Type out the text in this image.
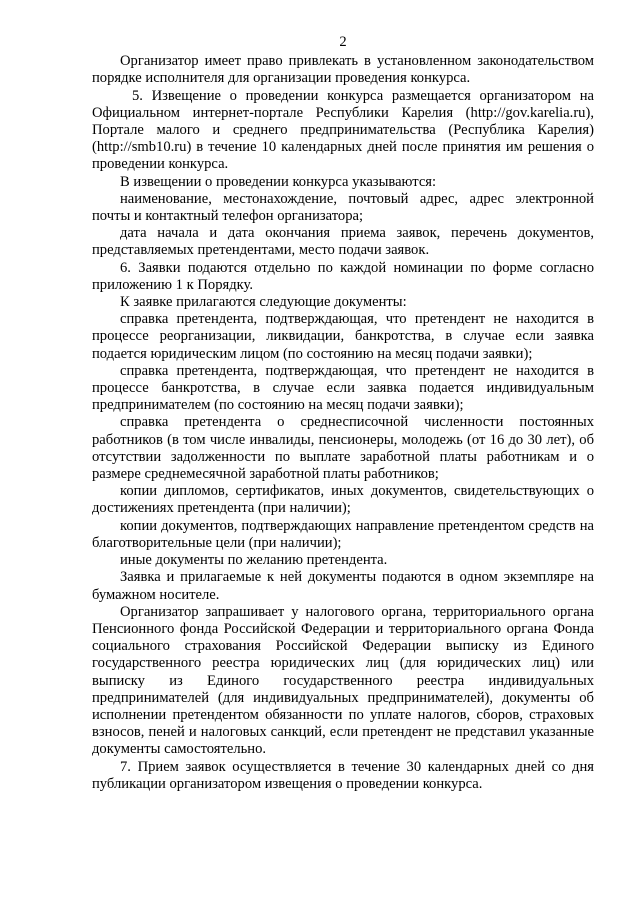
2

Организатор имеет право привлекать в установленном законодательством порядке исполнителя для организации проведения конкурса.

5. Извещение о проведении конкурса размещается организатором на Официальном интернет-портале Республики Карелия (http://gov.karelia.ru), Портале малого и среднего предпринимательства (Республика Карелия) (http://smb10.ru) в течение 10 календарных дней после принятия им решения о проведении конкурса.

В извещении о проведении конкурса указываются:

наименование, местонахождение, почтовый адрес, адрес электронной почты и контактный телефон организатора;

дата начала и дата окончания приема заявок, перечень документов, представляемых претендентами, место подачи заявок.

6. Заявки подаются отдельно по каждой номинации по форме согласно приложению 1 к Порядку.

К заявке прилагаются следующие документы:

справка претендента, подтверждающая, что претендент не находится в процессе реорганизации, ликвидации, банкротства, в случае если заявка подается юридическим лицом (по состоянию на месяц подачи заявки);

справка претендента, подтверждающая, что претендент не находится в процессе банкротства, в случае если заявка подается индивидуальным предпринимателем (по состоянию на месяц подачи заявки);

справка претендента о среднесписочной численности постоянных работников (в том числе инвалиды, пенсионеры, молодежь (от 16 до 30 лет), об отсутствии задолженности по выплате заработной платы работникам и о размере среднемесячной заработной платы работников;

копии дипломов, сертификатов, иных документов, свидетельствующих о достижениях претендента (при наличии);

копии документов, подтверждающих направление претендентом средств на благотворительные цели (при наличии);

иные документы по желанию претендента.

Заявка и прилагаемые к ней документы подаются в одном экземпляре на бумажном носителе.

Организатор запрашивает у налогового органа, территориального органа Пенсионного фонда Российской Федерации и территориального органа Фонда социального страхования Российской Федерации выписку из Единого государственного реестра юридических лиц (для юридических лиц) или выписку из Единого государственного реестра индивидуальных предпринимателей (для индивидуальных предпринимателей), документы об исполнении претендентом обязанности по уплате налогов, сборов, страховых взносов, пеней и налоговых санкций, если претендент не представил указанные документы самостоятельно.

7. Прием заявок осуществляется в течение 30 календарных дней со дня публикации организатором извещения о проведении конкурса.
